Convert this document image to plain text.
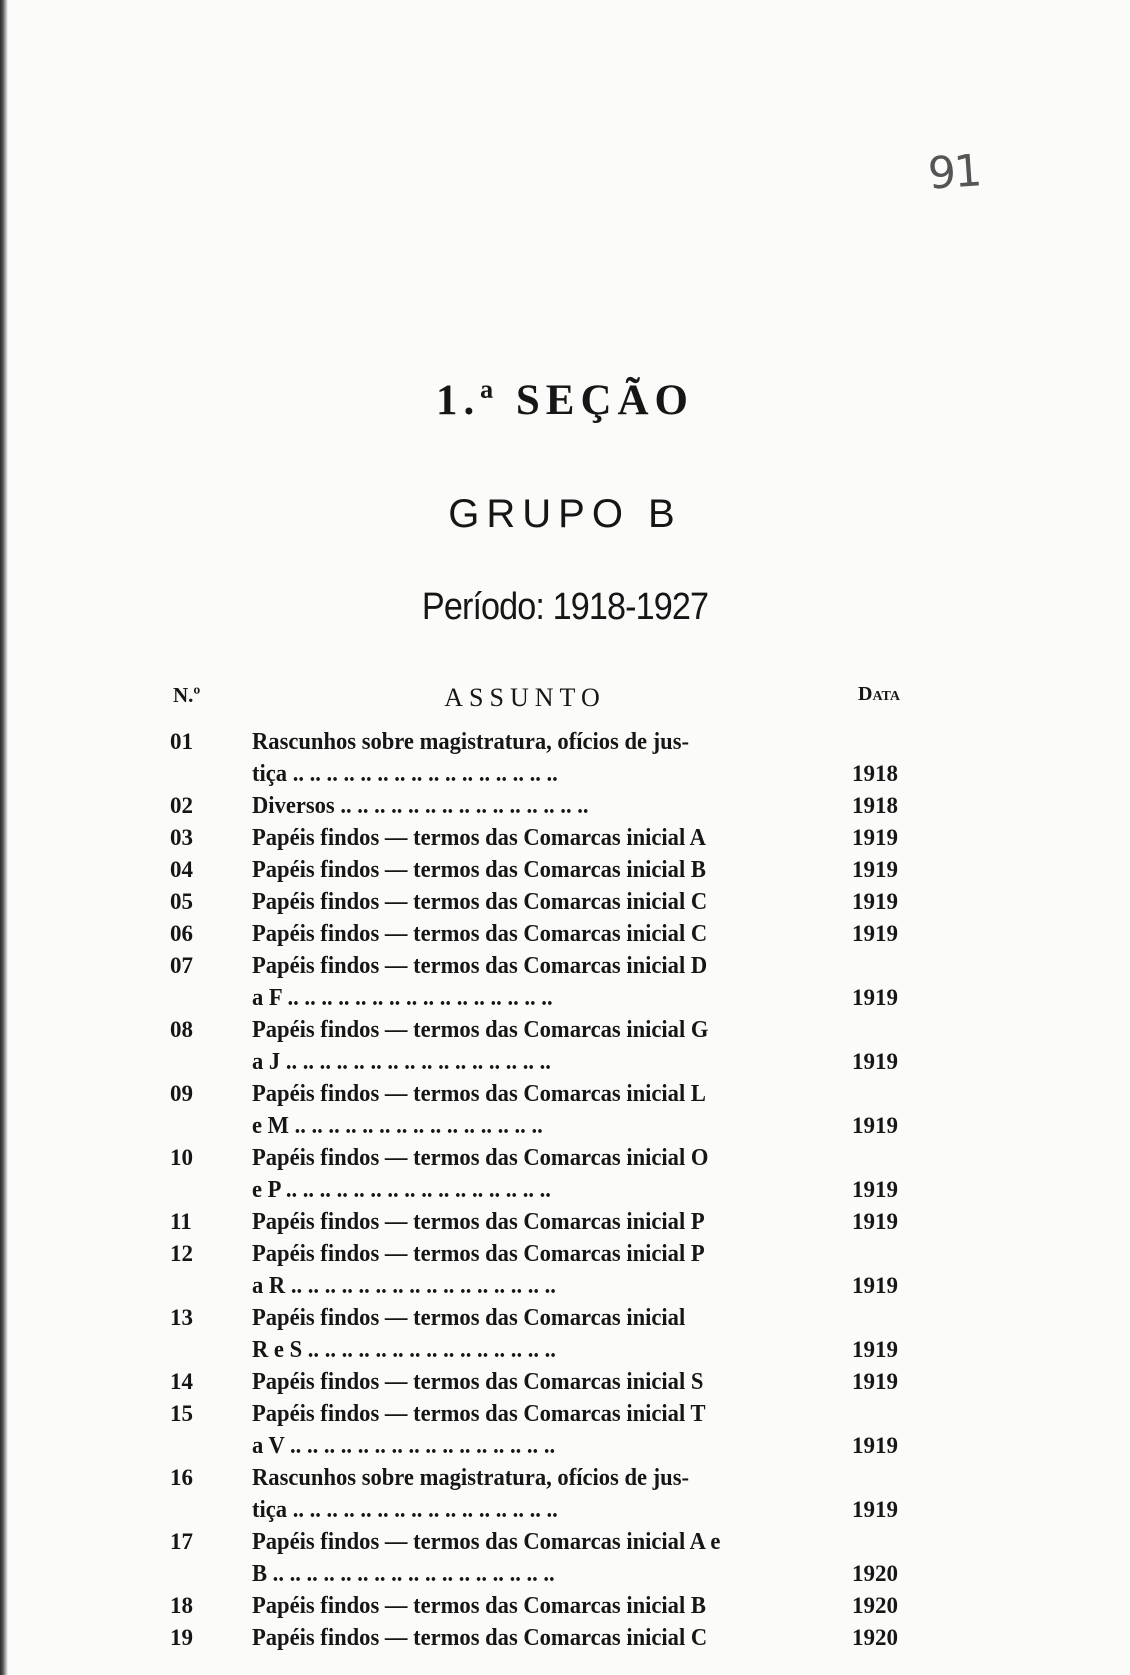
91
1.ª SEÇÃO
GRUPO B
Período: 1918-1927
N.º	ASSUNTO	Data
01	Rascunhos sobre magistratura, ofícios de jus-
tiça .. .. .. .. .. .. .. .. .. .. .. .. .. .. .. ..	1918
02	Diversos .. .. .. .. .. .. .. .. .. .. .. .. .. .. ..	1918
03	Papéis findos — termos das Comarcas inicial A	1919
04	Papéis findos — termos das Comarcas inicial B	1919
05	Papéis findos — termos das Comarcas inicial C	1919
06	Papéis findos — termos das Comarcas inicial C	1919
07	Papéis findos — termos das Comarcas inicial D
a F .. .. .. .. .. .. .. .. .. .. .. .. .. .. .. ..	1919
08	Papéis findos — termos das Comarcas inicial G
a J .. .. .. .. .. .. .. .. .. .. .. .. .. .. .. ..	1919
09	Papéis findos — termos das Comarcas inicial L
e M .. .. .. .. .. .. .. .. .. .. .. .. .. .. ..	1919
10	Papéis findos — termos das Comarcas inicial O
e P .. .. .. .. .. .. .. .. .. .. .. .. .. .. .. ..	1919
11	Papéis findos — termos das Comarcas inicial P	1919
12	Papéis findos — termos das Comarcas inicial P
a R .. .. .. .. .. .. .. .. .. .. .. .. .. .. .. ..	1919
13	Papéis findos — termos das Comarcas inicial
R e S .. .. .. .. .. .. .. .. .. .. .. .. .. .. ..	1919
14	Papéis findos — termos das Comarcas inicial S	1919
15	Papéis findos — termos das Comarcas inicial T
a V .. .. .. .. .. .. .. .. .. .. .. .. .. .. .. ..	1919
16	Rascunhos sobre magistratura, ofícios de jus-
tiça .. .. .. .. .. .. .. .. .. .. .. .. .. .. .. ..	1919
17	Papéis findos — termos das Comarcas inicial A e
B .. .. .. .. .. .. .. .. .. .. .. .. .. .. .. .. ..	1920
18	Papéis findos — termos das Comarcas inicial B	1920
19	Papéis findos — termos das Comarcas inicial C	1920
